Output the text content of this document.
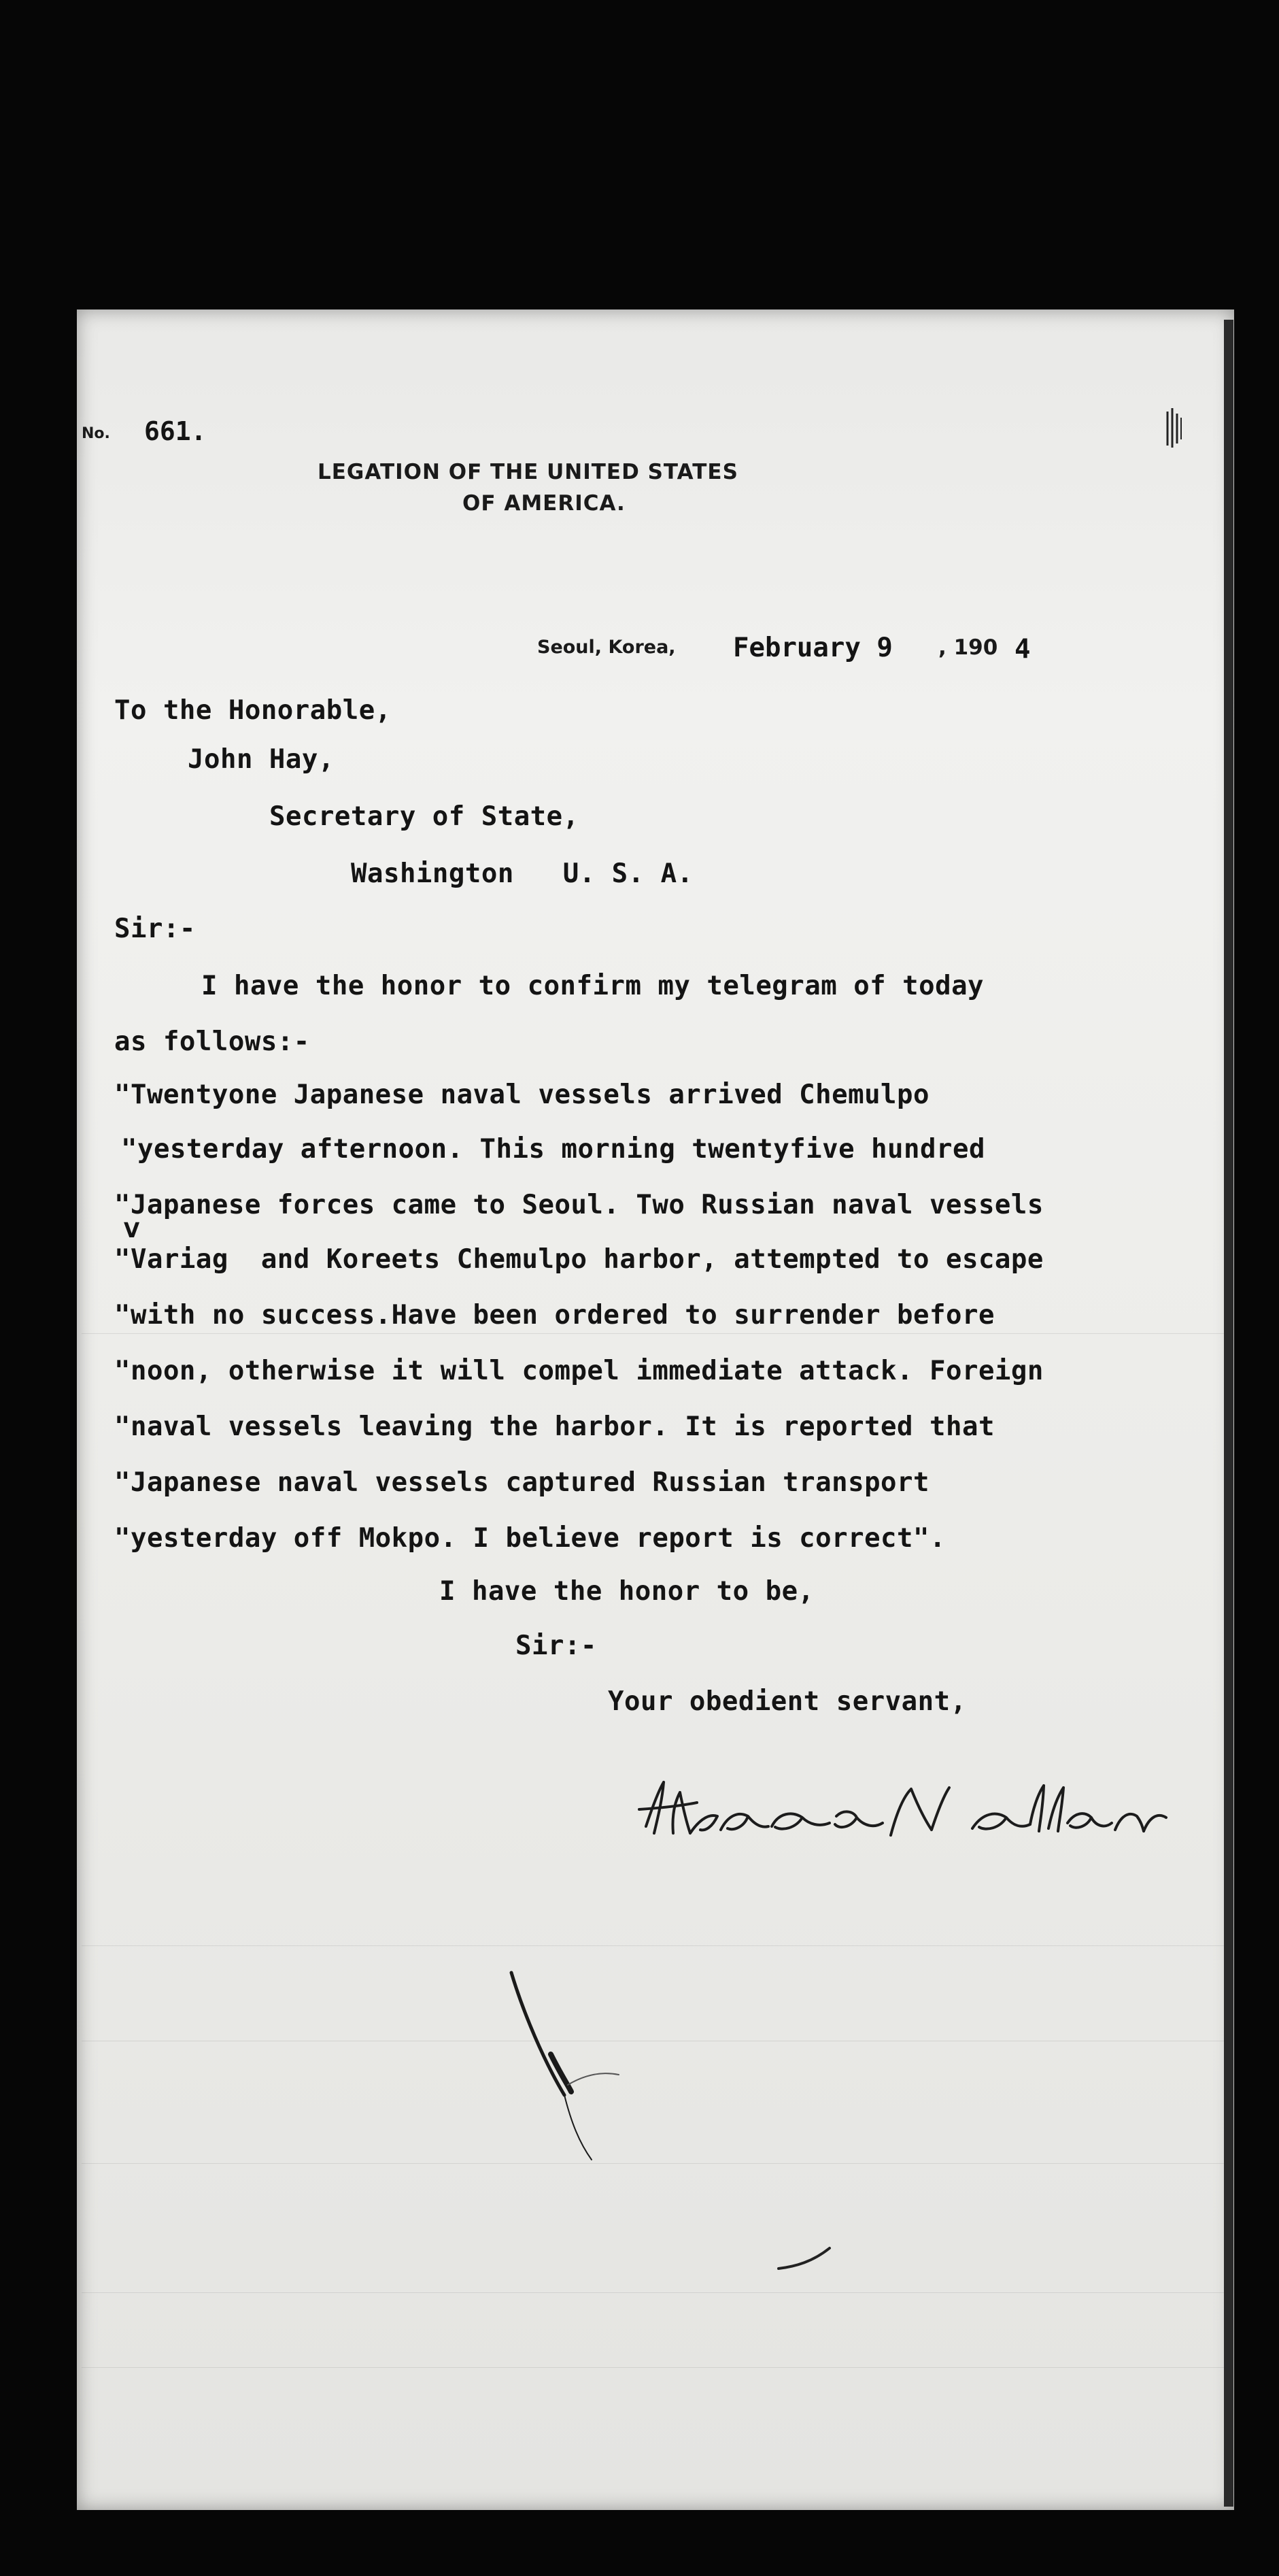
No. 661.
LEGATION OF THE UNITED STATES
OF AMERICA.
Seoul, Korea, February 9 , 190 4
To the Honorable,
John Hay,
Secretary of State,
Washington   U. S. A.
Sir:-
I have the honor to confirm my telegram of today
as follows:-
"Twentyone Japanese naval vessels arrived Chemulpo
"yesterday afternoon. This morning twentyfive hundred
"Japanese forces came to Seoul. Two Russian naval vessels
V
"Variag  and Koreets Chemulpo harbor, attempted to escape
"with no success.Have been ordered to surrender before
"noon, otherwise it will compel immediate attack. Foreign
"naval vessels leaving the harbor. It is reported that
"Japanese naval vessels captured Russian transport
"yesterday off Mokpo. I believe report is correct".
I have the honor to be,
Sir:-
Your obedient servant,
